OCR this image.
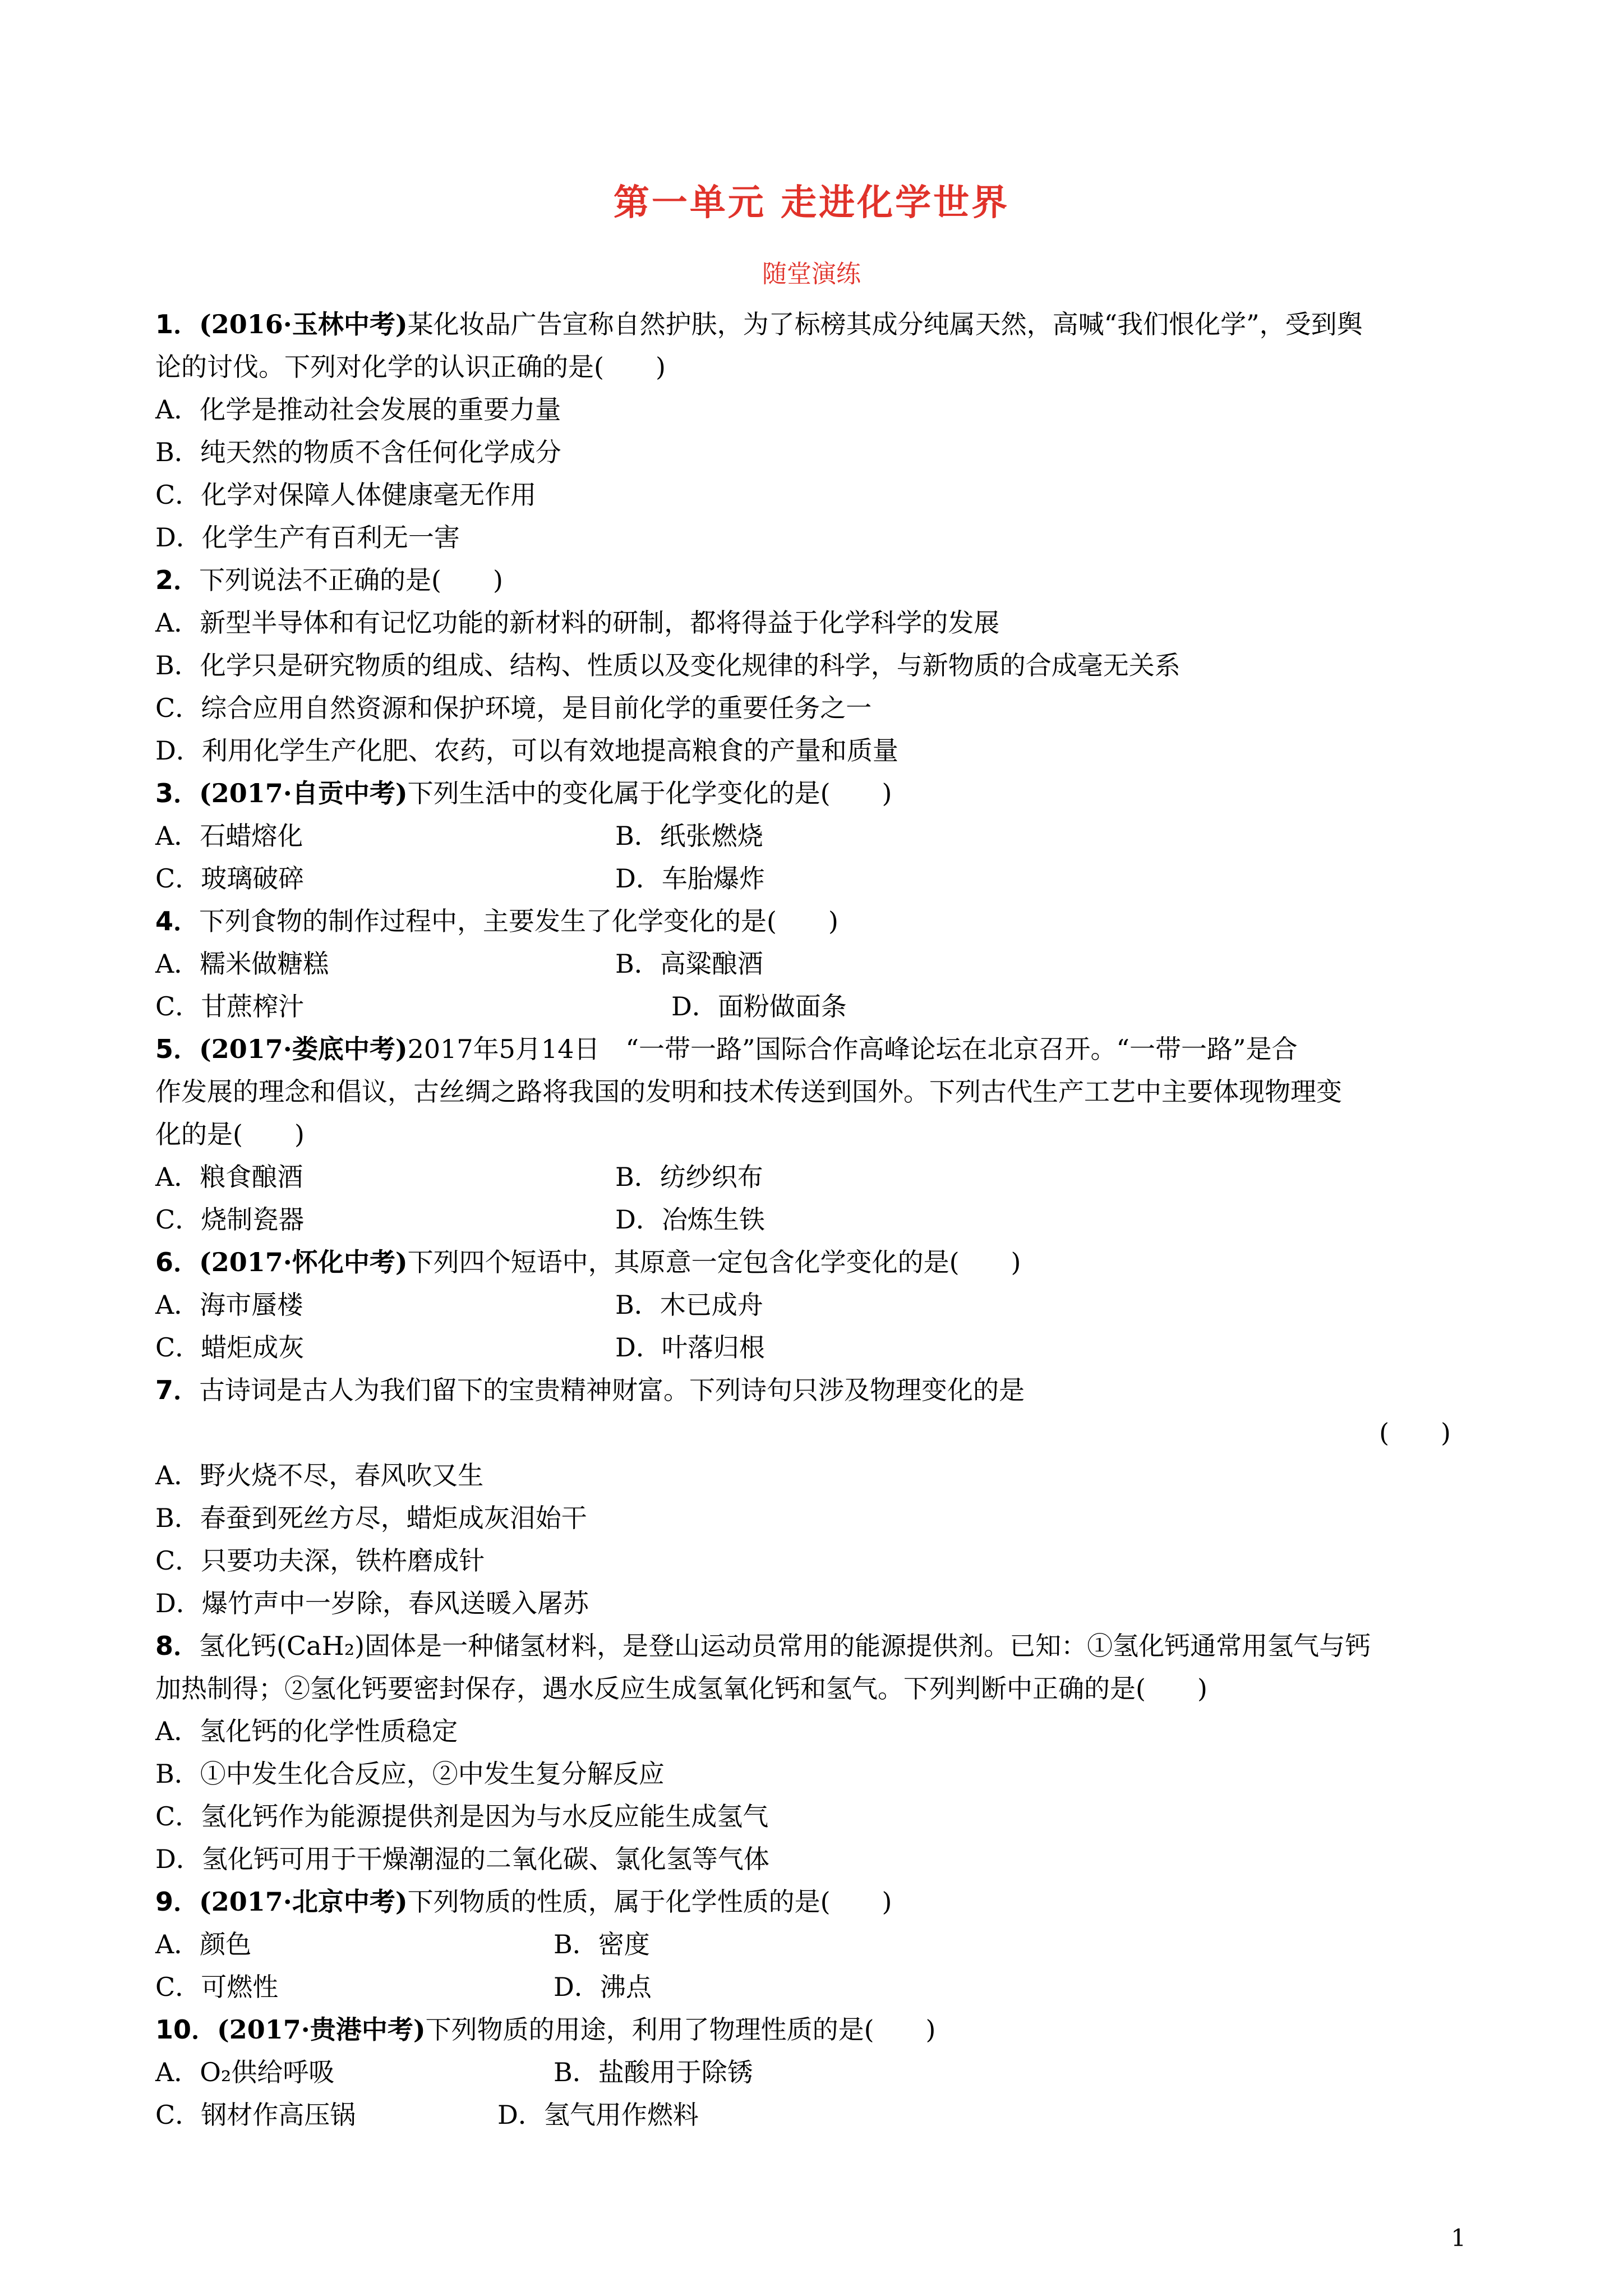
第一单元 走进化学世界
随堂演练
1．(2016·玉林中考)某化妆品广告宣称自然护肤，为了标榜其成分纯属天然，高喊“我们恨化学”，受到舆
论的讨伐。下列对化学的认识正确的是(　　)
A．化学是推动社会发展的重要力量
B．纯天然的物质不含任何化学成分
C．化学对保障人体健康毫无作用
D．化学生产有百利无一害
2．下列说法不正确的是(　　)
A．新型半导体和有记忆功能的新材料的研制，都将得益于化学科学的发展
B．化学只是研究物质的组成、结构、性质以及变化规律的科学，与新物质的合成毫无关系
C．综合应用自然资源和保护环境，是目前化学的重要任务之一
D．利用化学生产化肥、农药，可以有效地提高粮食的产量和质量
3．(2017·自贡中考)下列生活中的变化属于化学变化的是(　　)
A．石蜡熔化	B．纸张燃烧
C．玻璃破碎	D．车胎爆炸
4．下列食物的制作过程中，主要发生了化学变化的是(　　)
A．糯米做糖糕	B．高粱酿酒
C．甘蔗榨汁	D．面粉做面条
5．(2017·娄底中考)2017年5月14日　“一带一路”国际合作高峰论坛在北京召开。“一带一路”是合
作发展的理念和倡议，古丝绸之路将我国的发明和技术传送到国外。下列古代生产工艺中主要体现物理变
化的是(　　)
A．粮食酿酒	B．纺纱织布
C．烧制瓷器	D．冶炼生铁
6．(2017·怀化中考)下列四个短语中，其原意一定包含化学变化的是(　　)
A．海市蜃楼	B．木已成舟
C．蜡炬成灰	D．叶落归根
7．古诗词是古人为我们留下的宝贵精神财富。下列诗句只涉及物理变化的是
(　　)
A．野火烧不尽，春风吹又生
B．春蚕到死丝方尽，蜡炬成灰泪始干
C．只要功夫深，铁杵磨成针
D．爆竹声中一岁除，春风送暖入屠苏
8．氢化钙(CaH₂)固体是一种储氢材料，是登山运动员常用的能源提供剂。已知：①氢化钙通常用氢气与钙
加热制得；②氢化钙要密封保存，遇水反应生成氢氧化钙和氢气。下列判断中正确的是(　　)
A．氢化钙的化学性质稳定
B．①中发生化合反应，②中发生复分解反应
C．氢化钙作为能源提供剂是因为与水反应能生成氢气
D．氢化钙可用于干燥潮湿的二氧化碳、氯化氢等气体
9．(2017·北京中考)下列物质的性质，属于化学性质的是(　　)
A．颜色	B．密度
C．可燃性	D．沸点
10．(2017·贵港中考)下列物质的用途，利用了物理性质的是(　　)
A．O₂供给呼吸	B．盐酸用于除锈
C．钢材作高压锅	D．氢气用作燃料
1
